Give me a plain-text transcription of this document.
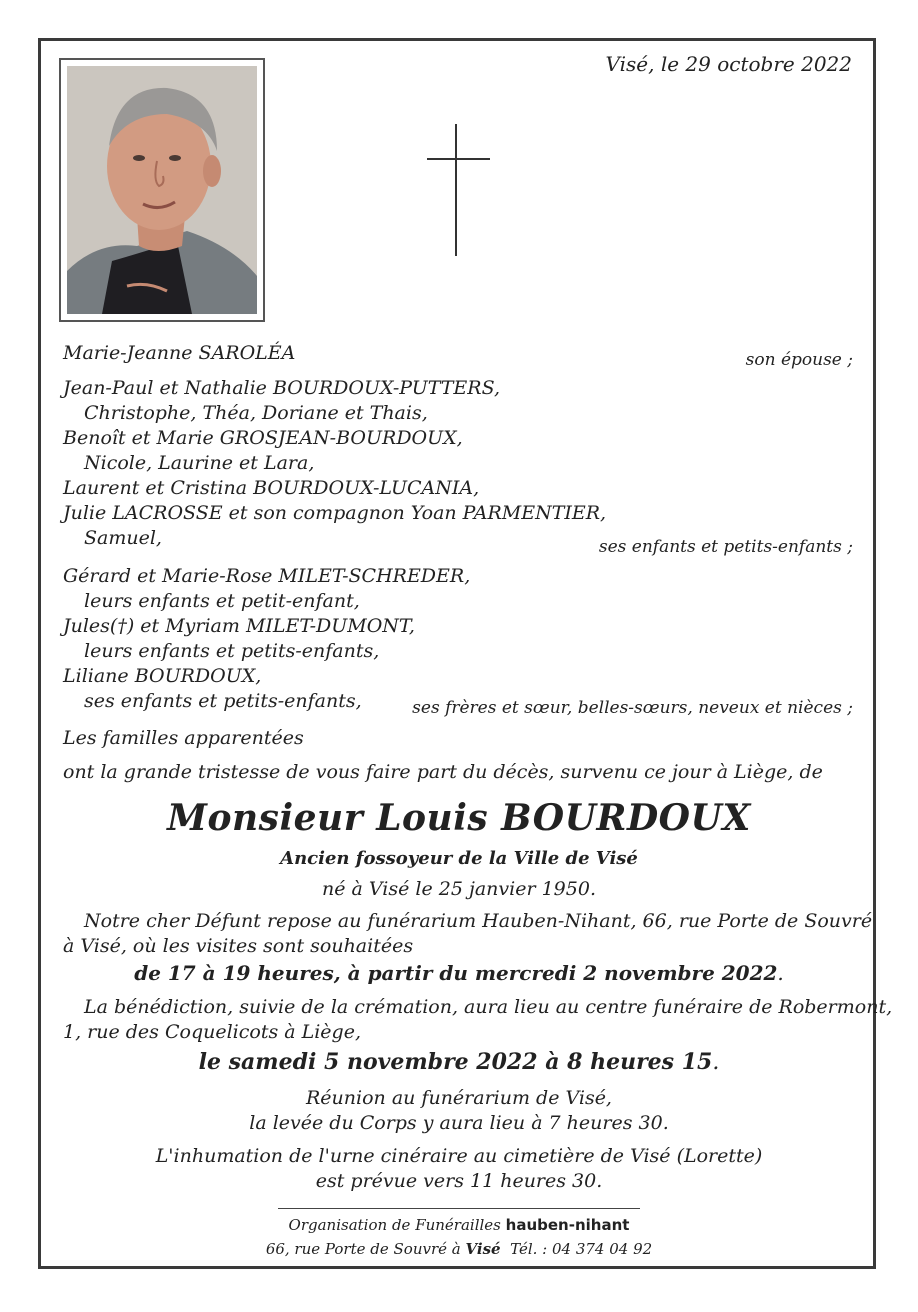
Visé, le 29 octobre 2022
Marie-Jeanne SAROLÉA	son épouse ;
Jean-Paul et Nathalie BOURDOUX-PUTTERS,
Christophe, Théa, Doriane et Thais,
Benoît et Marie GROSJEAN-BOURDOUX,
Nicole, Laurine et Lara,
Laurent et Cristina BOURDOUX-LUCANIA,
Julie LACROSSE et son compagnon Yoan PARMENTIER,
Samuel,	ses enfants et petits-enfants ;
Gérard et Marie-Rose MILET-SCHREDER,
leurs enfants et petit-enfant,
Jules(†) et Myriam MILET-DUMONT,
leurs enfants et petits-enfants,
Liliane BOURDOUX,
ses enfants et petits-enfants,	ses frères et sœur, belles-sœurs, neveux et nièces ;
Les familles apparentées
ont la grande tristesse de vous faire part du décès, survenu ce jour à Liège, de
Monsieur Louis BOURDOUX
Ancien fossoyeur de la Ville de Visé
né à Visé le 25 janvier 1950.
Notre cher Défunt repose au funérarium Hauben-Nihant, 66, rue Porte de Souvré
à Visé, où les visites sont souhaitées
de 17 à 19 heures, à partir du mercredi 2 novembre 2022.
La bénédiction, suivie de la crémation, aura lieu au centre funéraire de Robermont,
1, rue des Coquelicots à Liège,
le samedi 5 novembre 2022 à 8 heures 15.
Réunion au funérarium de Visé,
la levée du Corps y aura lieu à 7 heures 30.
L'inhumation de l'urne cinéraire au cimetière de Visé (Lorette)
est prévue vers 11 heures 30.
Organisation de Funérailles hauben-nihant
66, rue Porte de Souvré à Visé Tél. : 04 374 04 92
